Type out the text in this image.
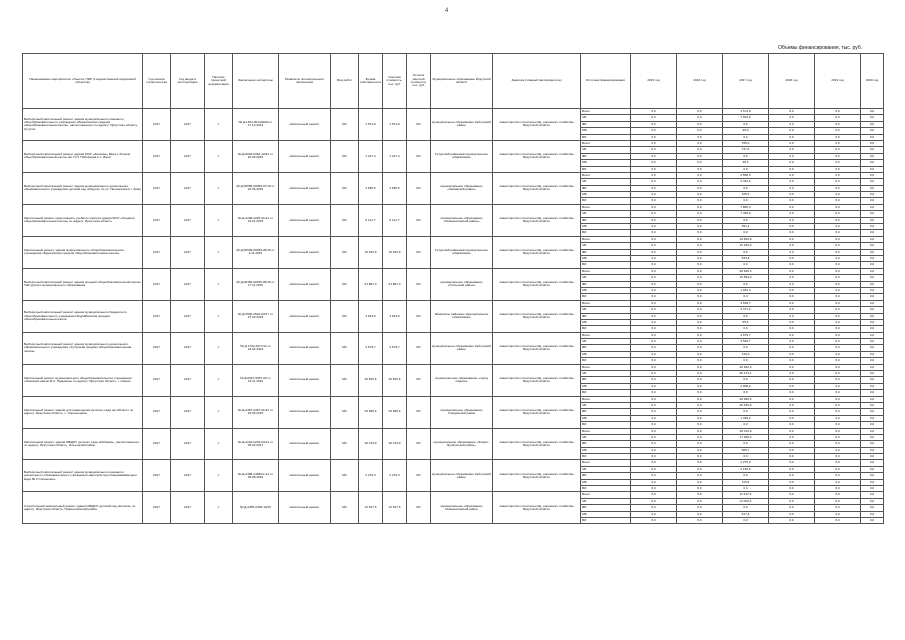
4
Объемы финансирования, тыс. руб.
Наименование мероприятия, объекта, ПИР (с ведомственной кодировкой объектов)	Год начала строительства	Год ввода в эксплуатацию	Наличие проектной документации	Заключение экспертизы	Реквизиты положительного заключения	Вид работ	Форма собственности	Сметная стоимость, тыс. руб.	Остаток сметной стоимости, тыс. руб.	Муниципальное образование Иркутской области	Заказчик (главный распорядитель)	Источник финансирования	2015 год	2016 год	2017 год	2018 год	2019 год	2020 год
Выборочный капитальный ремонт здания муниципального казённого общеобразовательного учреждения «Бирюсинская средняя общеобразовательная школа», расположенного по адресу: Иркутская область, Кутулик	2017	2017	х	№ Д-1304-2014/2020 от 17.12.2014	капитальный ремонт	МС	1 574,8	1 574,8	0%	муниципальное образование Куйтунский район	министерство строительства, дорожного хозяйства Иркутской области	Всего	0,0	0,0	1 574,8	0,0	0,0	0,0
												ОБ	0,0	0,0	1 504,9	0,0	0,0	0,0
												ФБ	0,0	0,0	0,0	0,0	0,0	0,0
												МБ	0,0	0,0	69,9	0,0	0,0	0,0
												ВИ	0,0	0,0	0,0	0,0	0,0	0,0
Выборочный капитальный ремонт здания МОУ «Зонская» Ижья с блоком общеобразовательной школы им. П.П. Наборнова в с. Ижья	2017	2017	х	№ Д-0018-0363-12/42 от 20.02.2015	капитальный ремонт	МС	1 247,4	1 247,4	0%	Тулунский районный муниципальное образование	министерство строительства, дорожного хозяйства Иркутской области	Всего	0,0	0,0	786,0	0,0	0,0	0,0
												ОБ	0,0	0,0	747,5	0,0	0,0	0,0
												ФБ	0,0	0,0	0,0	0,0	0,0	0,0
												МБ	0,0	0,0	38,5	0,0	0,0	0,0
												ВИ	0,0	0,0	0,0	0,0	0,0	0,0
Выборочный капитальный ремонт здания муниципального дошкольного образовательного учреждения детский сад «Радуга» по ул. Пионерская в г. Зима	2017	2017	х	№ Д-00056-00056-07/15 от 24.09.2015	капитальный ремонт	МС	2 568,5	2 568,5	0%	муниципальное образование «Зиминский район»	министерство строительства, дорожного хозяйства Иркутской области	Всего	0,0	0,0	2 568,5	0,0	0,0	0,0
												ОБ	0,0	0,0	2 443,0	0,0	0,0	0,0
												ФБ	0,0	0,0	0,0	0,0	0,0	0,0
												МБ	0,0	0,0	125,5	0,0	0,0	0,0
												ВИ	0,0	0,0	0,0	0,0	0,0	0,0
Капитальный ремонт одноэтажного учебного корпуса здания МОУ «Средняя общеобразовательная школа» по адресу: Иркутская область	2017	2017	х	№ Д-2268-2245-01/14 от 19.01.2015	капитальный ремонт	МС	8 121,7	8 121,7	0%	муниципальное образование «Нижнеилимский район»	министерство строительства, дорожного хозяйства Иркутской области	Всего	0,0	0,0	7 856,4	0,0	0,0	0,0
												ОБ	0,0	0,0	7 465,0	0,0	0,0	0,0
												ФБ	0,0	0,0	0,0	0,0	0,0	0,0
												МБ	0,0	0,0	391,4	0,0	0,0	0,0
												ВИ	0,0	0,0	0,0	0,0	0,0	0,0
Капитальный ремонт здания муниципального общеобразовательного учреждения «Будагуйская средняя общеобразовательная школа»	2017	2017	х	№ Д-00939-00939-06/15 от 6.11.2015	капитальный ремонт	МС	15 923,8	15 923,8	0%	Тулунский районный муниципальное образование	министерство строительства, дорожного хозяйства Иркутской области	Всего	0,0	0,0	16 694,8	0,0	0,0	0,0
												ОБ	0,0	0,0	15 160,0	0,0	0,0	0,0
												ФБ	0,0	0,0	0,0	0,0	0,0	0,0
												МБ	0,0	0,0	534,8	0,0	0,0	0,0
												ВИ	0,0	0,0	0,0	0,0	0,0	0,0
Выборочный капитальный ремонт здания средней общеобразовательной школы Тайтурского муниципального образования	2017	2017	х	№ Д-00456-00456-06/15 от 17.11.2015	капитальный ремонт	МС	21 887,0	21 887,0	0%	муниципальное образование «Усольский район»	министерство строительства, дорожного хозяйства Иркутской области	Всего	0,0	0,0	20 626,3	0,0	0,0	0,0
												ОБ	0,0	0,0	19 594,9	0,0	0,0	0,0
												ФБ	0,0	0,0	0,0	0,0	0,0	0,0
												МБ	0,0	0,0	1 031,3	0,0	0,0	0,0
												ВИ	0,0	0,0	0,0	0,0	0,0	0,0
Выборочный капитальный ремонт здания муниципального бюджетного общеобразовательного учреждения Бодайбинская средняя общеобразовательная школа	2017	2017	х	№ Д-2540-2540-03/17 от 27.03.2015	капитальный ремонт	МС	3 943,6	3 943,6	0%	Зиминское районное муниципальное образование	министерство строительства, дорожного хозяйства Иркутской области	Всего	0,0	0,0	3 536,7	0,0	0,0	0,0
												ОБ	0,0	0,0	3 477,2	0,0	0,0	0,0
												ФБ	0,0	0,0	0,0	0,0	0,0	0,0
												МБ	0,0	0,0	59,5	0,0	0,0	0,0
												ВИ	0,0	0,0	0,0	0,0	0,0	0,0
Выборочный капитальный ремонт здания муниципального дошкольного образовательного учреждения «Тулунская средняя общеобразовательная школа»	2017	2017	х	№ Д-1702-2017/12 от 22.04.2016	капитальный ремонт	МС	4 679,7	4 679,7	0%	муниципальное образование Куйтунский район	министерство строительства, дорожного хозяйства Иркутской области	Всего	0,0	0,0	4 679,7	0,0	0,0	0,0
												ОБ	0,0	0,0	4 545,7	0,0	0,0	0,0
												ФБ	0,0	0,0	0,0	0,0	0,0	0,0
												МБ	0,0	0,0	134,0	0,0	0,0	0,0
												ВИ	0,0	0,0	0,0	0,0	0,0	0,0
Капитальный ремонт муниципального общеобразовательного учреждения «Гимназия имени В.А. Надькина» по адресу: Иркутская область, г. Саянск	2017	2017	х	№ Д-0967-0967-00 от 15.11.2016	капитальный ремонт	МС	40 845,6	40 845,6	0%	муниципальное образование «город Саянск»	министерство строительства, дорожного хозяйства Иркутской области	Всего	0,0	0,0	40 182,3	0,0	0,0	0,0
												ОБ	0,0	0,0	38 174,1	0,0	0,0	0,0
												ФБ	0,0	0,0	0,0	0,0	0,0	0,0
												МБ	0,0	0,0	2 008,2	0,0	0,0	0,0
												ВИ	0,0	0,0	0,0	0,0	0,0	0,0
Капитальный ремонт здания для размещения детского сада на 120 мест по адресу: Иркутская область, с. Смоленщина	2017	2017	х	№ Д-2467-2467-01/15 от 23.03.2015	капитальный ремонт	МС	29 995,6	29 995,6	0%	муниципальное образование Слюдянский район	министерство строительства, дорожного хозяйства Иркутской области	Всего	0,0	0,0	29 995,6	0,0	0,0	0,0
												ОБ	0,0	0,0	28 496,8	0,0	0,0	0,0
												ФБ	0,0	0,0	0,0	0,0	0,0	0,0
												МБ	0,0	0,0	1 499,2	0,0	0,0	0,0
												ВИ	0,0	0,0	0,0	0,0	0,0	0,0
Капитальный ремонт здания МБДОУ детского сада «Рябинка», расположенного по адресу: Иркутская область, Ольхонский район	2017	2017	х	№ Д-2234-2234-03/14 от 05.02.2017	капитальный ремонт	МС	18 314,9	18 314,9	0%	муниципальное образование «Эхирит-Булагатский район»	министерство строительства, дорожного хозяйства Иркутской области	Всего	0,0	0,0	18 314,9	0,0	0,0	0,0
												ОБ	0,0	0,0	17 408,2	0,0	0,0	0,0
												ФБ	0,0	0,0	0,0	0,0	0,0	0,0
												МБ	0,0	0,0	906,7	0,0	0,0	0,0
												ВИ	0,0	0,0	0,0	0,0	0,0	0,0
Выборочный капитальный ремонт здания муниципального казённого дошкольного образовательного учреждения «Детский сад общеразвивающего вида № 3 Солнышко»	2017	2017	х	№ Д-2468-2468/12-12 от 09.08.2016	капитальный ремонт	МС	2 270,0	2 270,0	0%	муниципальное образование Куйтунский район	министерство строительства, дорожного хозяйства Иркутской области	Всего	0,0	0,0	2 270,0	0,0	0,0	0,0
												ОБ	0,0	0,0	2 156,5	0,0	0,0	0,0
												ФБ	0,0	0,0	0,0	0,0	0,0	0,0
												МБ	0,0	0,0	113,5	0,0	0,0	0,0
												ВИ	0,0	0,0	0,0	0,0	0,0	0,0
Строительный капитальный ремонт здания МБДОУ детский сад «Елочка» по адресу: Иркутская область, Нижнеилимский район	2017	2017	х	№ Д-2465-2465-12/15	капитальный ремонт	МС	12 627,5	12 627,5	0%	муниципальное образование Нижнеилимский район	министерство строительства, дорожного хозяйства Иркутской области	Всего	0,0	0,0	11 617,9	0,0	0,0	0,0
												ОБ	0,0	0,0	11 000,3	0,0	0,0	0,0
												ФБ	0,0	0,0	0,0	0,0	0,0	0,0
												МБ	0,0	0,0	617,6	0,0	0,0	0,0
												ВИ	0,0	0,0	0,0	0,0	0,0	0,0
